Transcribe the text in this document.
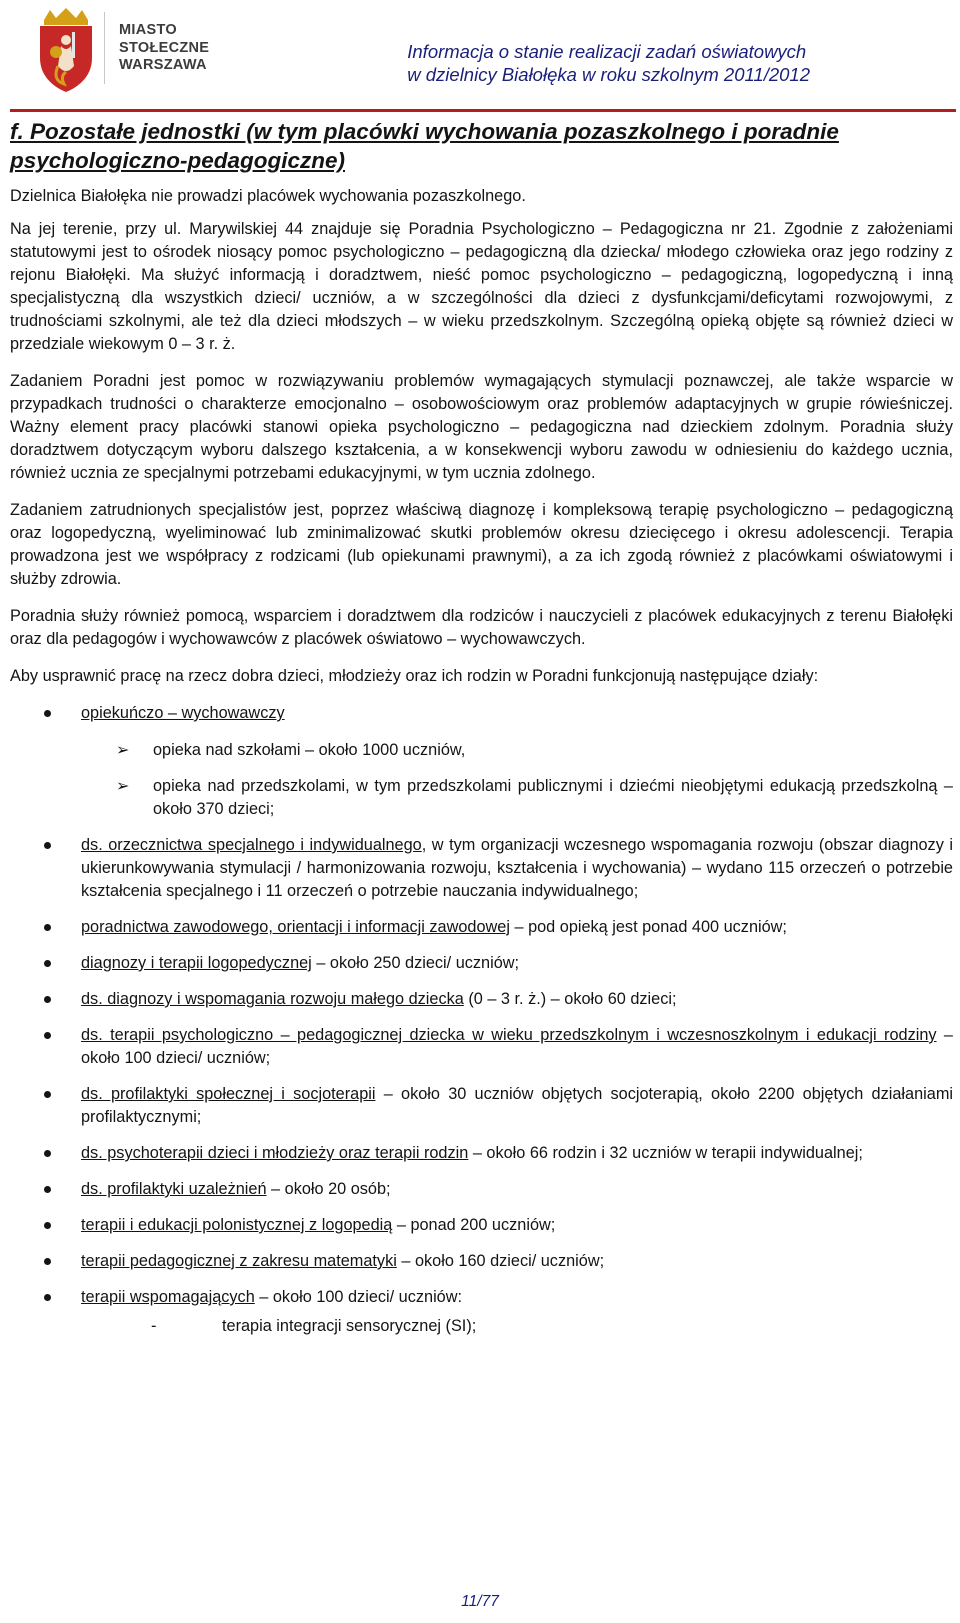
MIASTO
STOŁECZNE
WARSZAWA
Informacja o stanie realizacji zadań oświatowych
w dzielnicy Białołęka w roku szkolnym 2011/2012
f. Pozostałe jednostki (w tym placówki wychowania pozaszkolnego i poradnie psychologiczno-pedagogiczne)

Dzielnica Białołęka nie prowadzi placówek wychowania pozaszkolnego.

Na jej terenie, przy ul. Marywilskiej 44 znajduje się Poradnia Psychologiczno – Pedagogiczna nr 21. Zgodnie z założeniami statutowymi jest to ośrodek niosący pomoc psychologiczno – pedagogiczną dla dziecka/ młodego człowieka oraz jego rodziny z rejonu Białołęki. Ma służyć informacją i doradztwem, nieść pomoc psychologiczno – pedagogiczną, logopedyczną i inną specjalistyczną dla wszystkich dzieci/ uczniów, a w szczególności dla dzieci z dysfunkcjami/deficytami rozwojowymi, z trudnościami szkolnymi, ale też dla dzieci młodszych – w wieku przedszkolnym. Szczególną opieką objęte są również dzieci w przedziale wiekowym 0 – 3 r. ż.

Zadaniem Poradni jest pomoc w rozwiązywaniu problemów wymagających stymulacji poznawczej, ale także wsparcie w przypadkach trudności o charakterze emocjonalno – osobowościowym oraz problemów adaptacyjnych w grupie rówieśniczej. Ważny element pracy placówki stanowi opieka psychologiczno – pedagogiczna nad dzieckiem zdolnym. Poradnia służy doradztwem dotyczącym wyboru dalszego kształcenia, a w konsekwencji wyboru zawodu w odniesieniu do każdego ucznia, również ucznia ze specjalnymi potrzebami edukacyjnymi, w tym ucznia zdolnego.

Zadaniem zatrudnionych specjalistów jest, poprzez właściwą diagnozę i kompleksową terapię psychologiczno – pedagogiczną oraz logopedyczną, wyeliminować lub zminimalizować skutki problemów okresu dziecięcego i okresu adolescencji. Terapia prowadzona jest we współpracy z rodzicami (lub opiekunami prawnymi), a za ich zgodą również z placówkami oświatowymi i służby zdrowia.

Poradnia służy również pomocą, wsparciem i doradztwem dla rodziców i nauczycieli z placówek edukacyjnych z terenu Białołęki oraz dla pedagogów i wychowawców z placówek oświatowo – wychowawczych.

Aby usprawnić pracę na rzecz dobra dzieci, młodzieży oraz ich rodzin w Poradni funkcjonują następujące działy:

opiekuńczo – wychowawczy
➢ opieka nad szkołami – około 1000 uczniów,
➢ opieka nad przedszkolami, w tym przedszkolami publicznymi i dziećmi nieobjętymi edukacją przedszkolną – około 370 dzieci;
ds. orzecznictwa specjalnego i indywidualnego, w tym organizacji wczesnego wspomagania rozwoju (obszar diagnozy i ukierunkowywania stymulacji / harmonizowania rozwoju, kształcenia i wychowania) – wydano 115 orzeczeń o potrzebie kształcenia specjalnego i 11 orzeczeń o potrzebie nauczania indywidualnego;
poradnictwa zawodowego, orientacji i informacji zawodowej – pod opieką jest ponad 400 uczniów;
diagnozy i terapii logopedycznej – około 250 dzieci/ uczniów;
ds. diagnozy i wspomagania rozwoju małego dziecka (0 – 3 r. ż.) – około 60 dzieci;
ds. terapii psychologiczno – pedagogicznej dziecka w wieku przedszkolnym i wczesnoszkolnym i edukacji rodziny – około 100 dzieci/ uczniów;
ds. profilaktyki społecznej i socjoterapii – około 30 uczniów objętych socjoterapią, około 2200 objętych działaniami profilaktycznymi;
ds. psychoterapii dzieci i młodzieży oraz terapii rodzin – około 66 rodzin i 32 uczniów w terapii indywidualnej;
ds. profilaktyki uzależnień – około 20 osób;
terapii i edukacji polonistycznej z logopedią – ponad 200 uczniów;
terapii pedagogicznej z zakresu matematyki – około 160 dzieci/ uczniów;
terapii wspomagających – około 100 dzieci/ uczniów:
-	terapia integracji sensorycznej (SI);
11/77
